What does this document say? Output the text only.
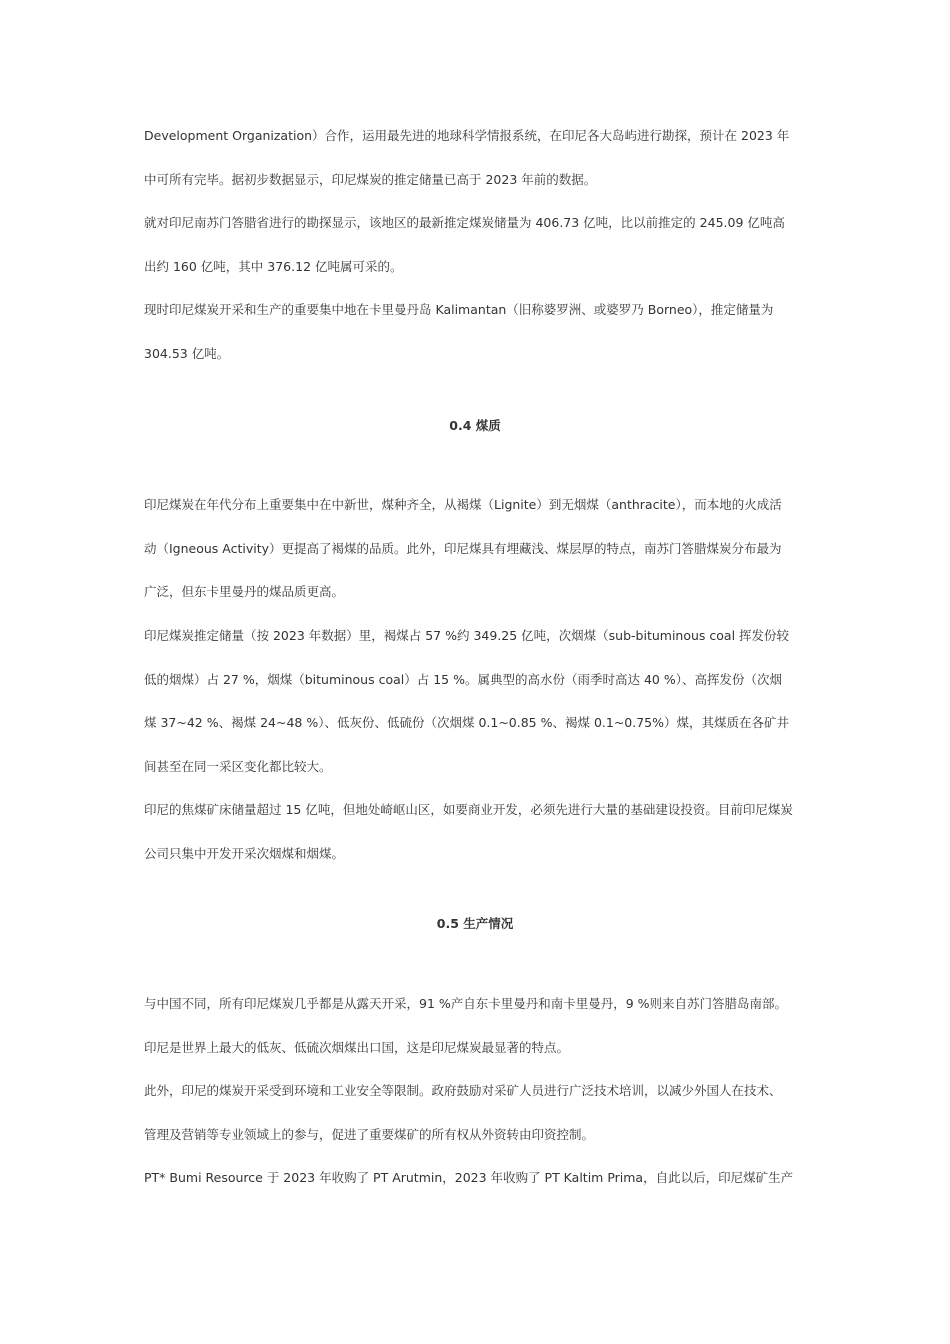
Development Organization）合作，运用最先进的地球科学情报系统，在印尼各大岛屿进行勘探，预计在 2023 年
中可所有完毕。据初步数据显示，印尼煤炭的推定储量已高于 2023 年前的数据。
就对印尼南苏门答腊省进行的勘探显示，该地区的最新推定煤炭储量为 406.73 亿吨，比以前推定的 245.09 亿吨高
出约 160 亿吨，其中 376.12 亿吨属可采的。
现时印尼煤炭开采和生产的重要集中地在卡里曼丹岛 Kalimantan（旧称婆罗洲、或婆罗乃 Borneo），推定储量为
304.53 亿吨。
0.4 煤质
印尼煤炭在年代分布上重要集中在中新世，煤种齐全，从褐煤（Lignite）到无烟煤（anthracite），而本地的火成活
动（Igneous Activity）更提高了褐煤的品质。此外，印尼煤具有埋藏浅、煤层厚的特点，南苏门答腊煤炭分布最为
广泛，但东卡里曼丹的煤品质更高。
印尼煤炭推定储量（按 2023 年数据）里，褐煤占 57 %约 349.25 亿吨，次烟煤（sub-bituminous coal 挥发份较
低的烟煤）占 27 %，烟煤（bituminous coal）占 15 %。属典型的高水份（雨季时高达 40 %）、高挥发份（次烟
煤 37~42 %、褐煤 24~48 %）、低灰份、低硫份（次烟煤 0.1~0.85 %、褐煤 0.1~0.75%）煤，其煤质在各矿井
间甚至在同一采区变化都比较大。
印尼的焦煤矿床储量超过 15 亿吨，但地处崎岖山区，如要商业开发，必须先进行大量的基础建设投资。目前印尼煤炭
公司只集中开发开采次烟煤和烟煤。
0.5 生产情况
与中国不同，所有印尼煤炭几乎都是从露天开采，91 %产自东卡里曼丹和南卡里曼丹，9 %则来自苏门答腊岛南部。
印尼是世界上最大的低灰、低硫次烟煤出口国，这是印尼煤炭最显著的特点。
此外，印尼的煤炭开采受到环境和工业安全等限制。政府鼓励对采矿人员进行广泛技术培训，以减少外国人在技术、
管理及营销等专业领域上的参与，促进了重要煤矿的所有权从外资转由印资控制。
PT* Bumi Resource 于 2023 年收购了 PT Arutmin，2023 年收购了 PT Kaltim Prima，自此以后，印尼煤矿生产
